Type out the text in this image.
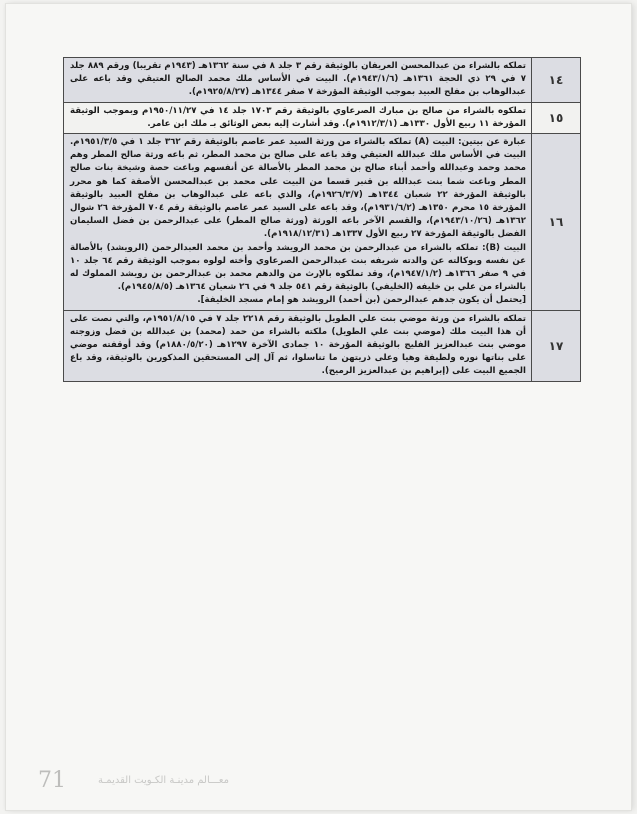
١٤	تملكه بالشراء من عبدالمحسن العريفان بالوثيقة رقم ٣ جلد ٨ في سنة ١٣٦٢هـ (١٩٤٣م تقريبا) ورقم ٨٨٩ جلد ٧ في ٢٩ ذي الحجة ١٣٦١هـ (١٩٤٣/١/٦م). البيت في الأساس ملك محمد الصالح العتيقي وقد باعه على عبدالوهاب بن مفلح العبيد بموجب الوثيقة المؤرخة ٧ صفر ١٣٤٤هـ (١٩٢٥/٨/٢٧م).
١٥	تملكوه بالشراء من صالح بن مبارك الصرعاوي بالوثيقة رقم ١٧٠٣ جلد ١٤ في ١٩٥٠/١١/٢٧م وبموجب الوثيقة المؤرخة ١١ ربيع الأول ١٣٣٠هـ (١٩١٢/٣/١م). وقد أشارت إليه بعض الوثائق بـ ملك ابن عامر.
١٦	عبارة عن بيتين: البيت (A) تملكه بالشراء من ورثة السيد عمر عاصم بالوثيقة رقم ٣٦٢ جلد ١ في ١٩٥١/٣/٥م. البيت في الأساس ملك عبدالله العتيقي وقد باعه على صالح بن محمد المطر، ثم باعه ورثة صالح المطر وهم محمد وحمد وعبدالله وأحمد أبناء صالح بن محمد المطر بالأصالة عن أنفسهم وباعت حصة وشيخة بنات صالح المطر وباعت شما بنت عبدالله بن قنبر قسما من البيت على محمد بن عبدالمحسن الأصقة كما هو محرر بالوثيقة المؤرخة ٢٢ شعبان ١٣٤٤هـ (١٩٢٦/٣/٧م)، والذي باعه على عبدالوهاب بن مفلح العبيد بالوثيقة المؤرخة ١٥ محرم ١٣٥٠هـ (١٩٣١/٦/٢م)، وقد باعه على السيد عمر عاصم بالوثيقة رقم ٧٠٤ المؤرخة ٢٦ شوال ١٣٦٢هـ (١٩٤٣/١٠/٢٦م)، والقسم الآخر باعه الورثة (ورثة صالح المطر) على عبدالرحمن بن فضل السليمان الفضل بالوثيقة المؤرخة ٢٧ ربيع الأول ١٣٣٧هـ (١٩١٨/١٢/٣١م).
البيت (B): تملكه بالشراء من عبدالرحمن بن محمد الرويشد وأحمد بن محمد العبدالرحمن (الرويشد) بالأصالة عن نفسه وبوكالته عن والدته شريفه بنت عبدالرحمن الصرعاوي وأخته لولوه بموجب الوثيقة رقم ٦٤ جلد ١٠ في ٩ صفر ١٣٦٦هـ (١٩٤٧/١/٢م)، وقد تملكوه بالإرث من والدهم محمد بن عبدالرحمن بن رويشد المملوك له بالشراء من علي بن خليفه (الخليفي) بالوثيقة رقم ٥٤١ جلد ٩ في ٢٦ شعبان ١٣٦٤هـ (١٩٤٥/٨/٥م).
[يحتمل أن يكون جدهم عبدالرحمن (بن أحمد) الرويشد هو إمام مسجد الخليفة].

١٧	تملكه بالشراء من ورثة موضي بنت علي الطويل بالوثيقة رقم ٢٢١٨ جلد ٧ في ١٩٥١/٨/١٥م، والتي نصت على أن هذا البيت ملك (موضي بنت علي الطويل) ملكته بالشراء من حمد (محمد) بن عبدالله بن فضل وزوجته موضي بنت عبدالعزيز الفليج بالوثيقة المؤرخة ١٠ جمادى الآخرة ١٢٩٧هـ (١٨٨٠/٥/٢٠م) وقد أوقفته موضي على بناتها نوره ولطيفة وهيا وعلى ذريتهن ما تناسلوا، ثم آل إلى المستحقين المذكورين بالوثيقة، وقد باع الجميع البيت على (إبراهيم بن عبدالعزيز الرميح).
معـــالم مدينـة الكـويت القديمـة
71
